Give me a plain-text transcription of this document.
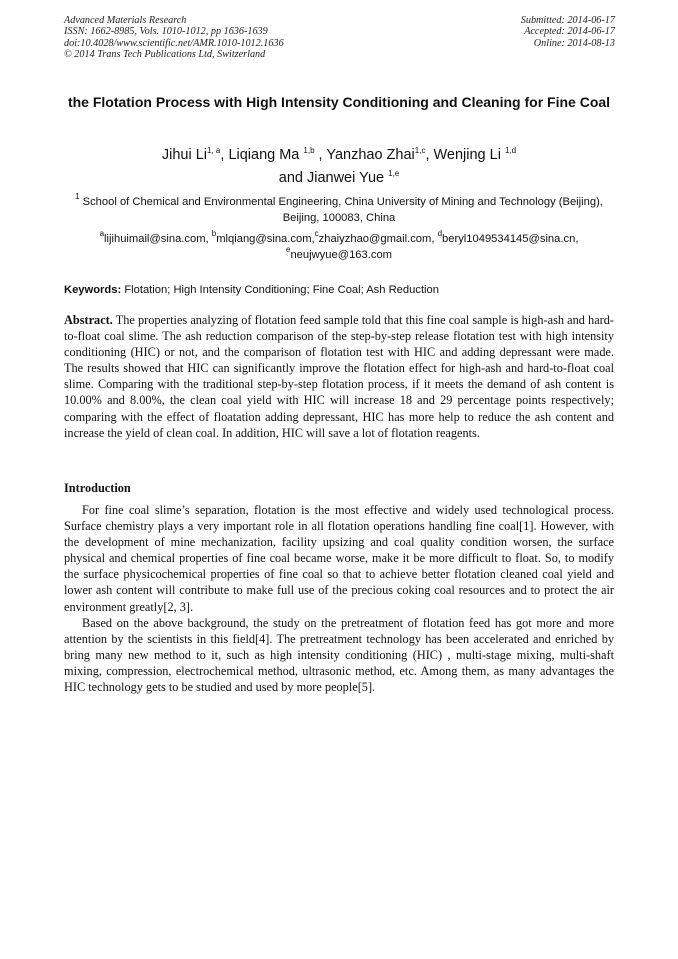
Advanced Materials Research
ISSN: 1662-8985, Vols. 1010-1012, pp 1636-1639
doi:10.4028/www.scientific.net/AMR.1010-1012.1636
© 2014 Trans Tech Publications Ltd, Switzerland
Submitted: 2014-06-17
Accepted: 2014-06-17
Online: 2014-08-13
the Flotation Process with High Intensity Conditioning and Cleaning for Fine Coal
Jihui Li$^{1, a}$, Liqiang Ma $^{1,b}$ , Yanzhao Zhai$^{1,c}$, Wenjing Li $^{1,d}$
and Jianwei Yue $^{1,e}$
$^1$ School of Chemical and Environmental Engineering, China University of Mining and Technology (Beijing), Beijing, 100083, China
$^a$lijihuimail@sina.com, $^b$mlqiang@sina.com,$^c$zhaiyzhao@gmail.com, $^d$beryl1049534145@sina.cn,
$^e$neujwyue@163.com
Keywords: Flotation; High Intensity Conditioning; Fine Coal; Ash Reduction

Abstract. The properties analyzing of flotation feed sample told that this fine coal sample is high-ash and hard-to-float coal slime. The ash reduction comparison of the step-by-step release flotation test with high intensity conditioning (HIC) or not, and the comparison of flotation test with HIC and adding depressant were made. The results showed that HIC can significantly improve the flotation effect for high-ash and hard-to-float coal slime. Comparing with the traditional step-by-step flotation process, if it meets the demand of ash content is 10.00% and 8.00%, the clean coal yield with HIC will increase 18 and 29 percentage points respectively; comparing with the effect of floatation adding depressant, HIC has more help to reduce the ash content and increase the yield of clean coal. In addition, HIC will save a lot of flotation reagents.

Introduction

For fine coal slime’s separation, flotation is the most effective and widely used technological process. Surface chemistry plays a very important role in all flotation operations handling fine coal[1]. However, with the development of mine mechanization, facility upsizing and coal quality condition worsen, the surface physical and chemical properties of fine coal became worse, make it be more difficult to float. So, to modify the surface physicochemical properties of fine coal so that to achieve better flotation cleaned coal yield and lower ash content will contribute to make full use of the precious coking coal resources and to protect the air environment greatly[2, 3].

Based on the above background, the study on the pretreatment of flotation feed has got more and more attention by the scientists in this field[4]. The pretreatment technology has been accelerated and enriched by bring many new method to it, such as high intensity conditioning (HIC) , multi-stage mixing, multi-shaft mixing, compression, electrochemical method, ultrasonic method, etc. Among them, as many advantages the HIC technology gets to be studied and used by more people[5].
